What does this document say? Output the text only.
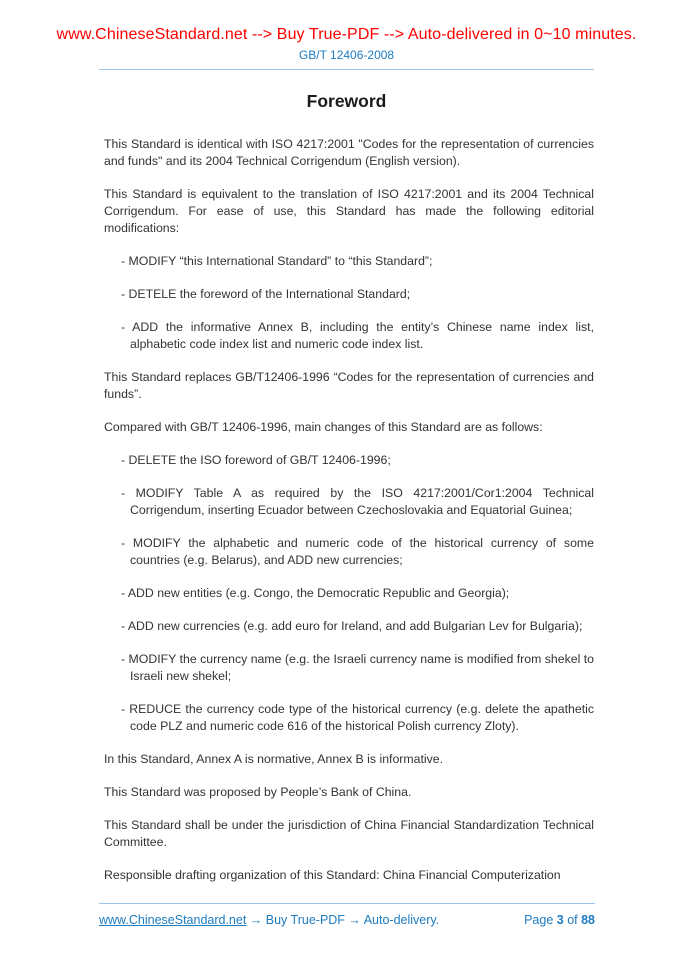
www.ChineseStandard.net --> Buy True-PDF --> Auto-delivered in 0~10 minutes.
GB/T 12406-2008
Foreword

This Standard is identical with ISO 4217:2001 "Codes for the representation of currencies and funds" and its 2004 Technical Corrigendum (English version).

This Standard is equivalent to the translation of ISO 4217:2001 and its 2004 Technical Corrigendum. For ease of use, this Standard has made the following editorial modifications:

- MODIFY “this International Standard” to “this Standard”;

- DETELE the foreword of the International Standard;

- ADD the informative Annex B, including the entity’s Chinese name index list, alphabetic code index list and numeric code index list.

This Standard replaces GB/T12406-1996 “Codes for the representation of currencies and funds”.

Compared with GB/T 12406-1996, main changes of this Standard are as follows:

- DELETE the ISO foreword of GB/T 12406-1996;

- MODIFY Table A as required by the ISO 4217:2001/Cor1:2004 Technical Corrigendum, inserting Ecuador between Czechoslovakia and Equatorial Guinea;

- MODIFY the alphabetic and numeric code of the historical currency of some countries (e.g. Belarus), and ADD new currencies;

- ADD new entities (e.g. Congo, the Democratic Republic and Georgia);

- ADD new currencies (e.g. add euro for Ireland, and add Bulgarian Lev for Bulgaria);

- MODIFY the currency name (e.g. the Israeli currency name is modified from shekel to Israeli new shekel;

- REDUCE the currency code type of the historical currency (e.g. delete the apathetic code PLZ and numeric code 616 of the historical Polish currency Zloty).

In this Standard, Annex A is normative, Annex B is informative.

This Standard was proposed by People’s Bank of China.

This Standard shall be under the jurisdiction of China Financial Standardization Technical Committee.

Responsible drafting organization of this Standard: China Financial Computerization

www.ChineseStandard.net → Buy True-PDF → Auto-delivery.	Page 3 of 88
